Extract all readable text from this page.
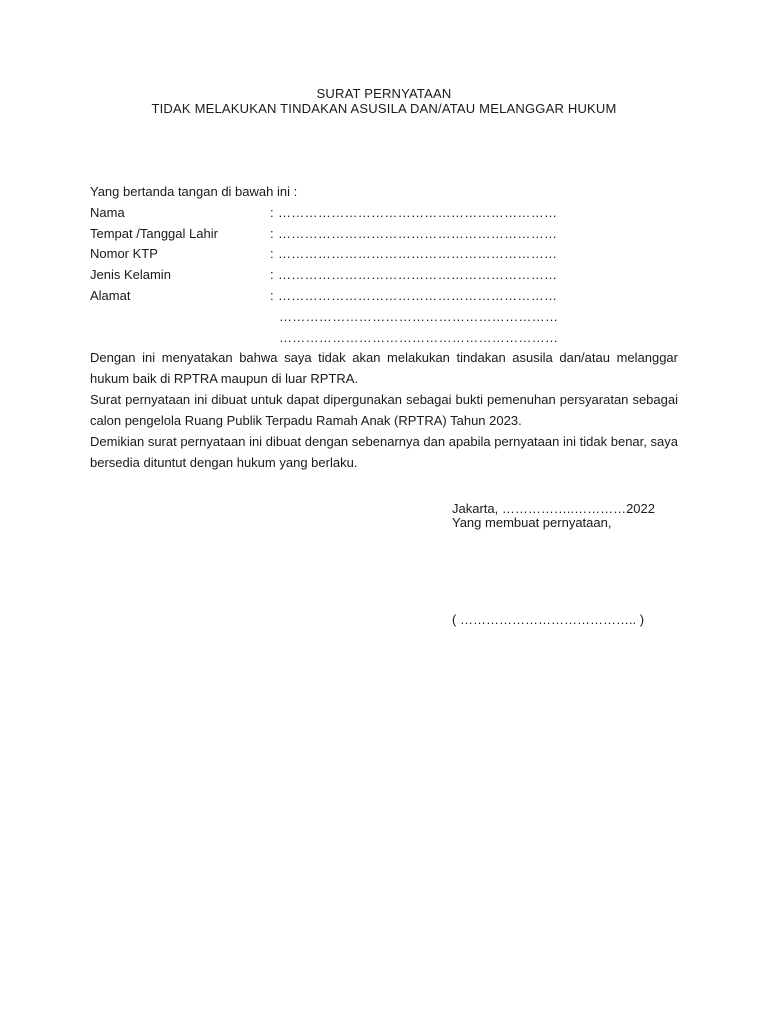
SURAT PERNYATAAN
TIDAK MELAKUKAN TINDAKAN ASUSILA DAN/ATAU MELANGGAR HUKUM
Yang bertanda tangan di bawah ini :
Nama	: ………………………………………………………
Tempat /Tanggal Lahir	: ………………………………………………………
Nomor KTP	: ………………………………………………………
Jenis Kelamin	: ………………………………………………………
Alamat	: ………………………………………………………
………………………………………………………
………………………………………………………
Dengan ini menyatakan bahwa saya tidak akan melakukan tindakan asusila dan/atau melanggar hukum baik di RPTRA maupun di luar RPTRA.
Surat pernyataan ini dibuat untuk dapat dipergunakan sebagai bukti pemenuhan persyaratan sebagai calon pengelola Ruang Publik Terpadu Ramah Anak (RPTRA) Tahun 2023.
Demikian surat pernyataan ini dibuat dengan sebenarnya dan apabila pernyataan ini tidak benar, saya bersedia dituntut dengan hukum yang berlaku.
Jakarta, ……………..…………2022
Yang membuat pernyataan,
( ………………………………….. )
